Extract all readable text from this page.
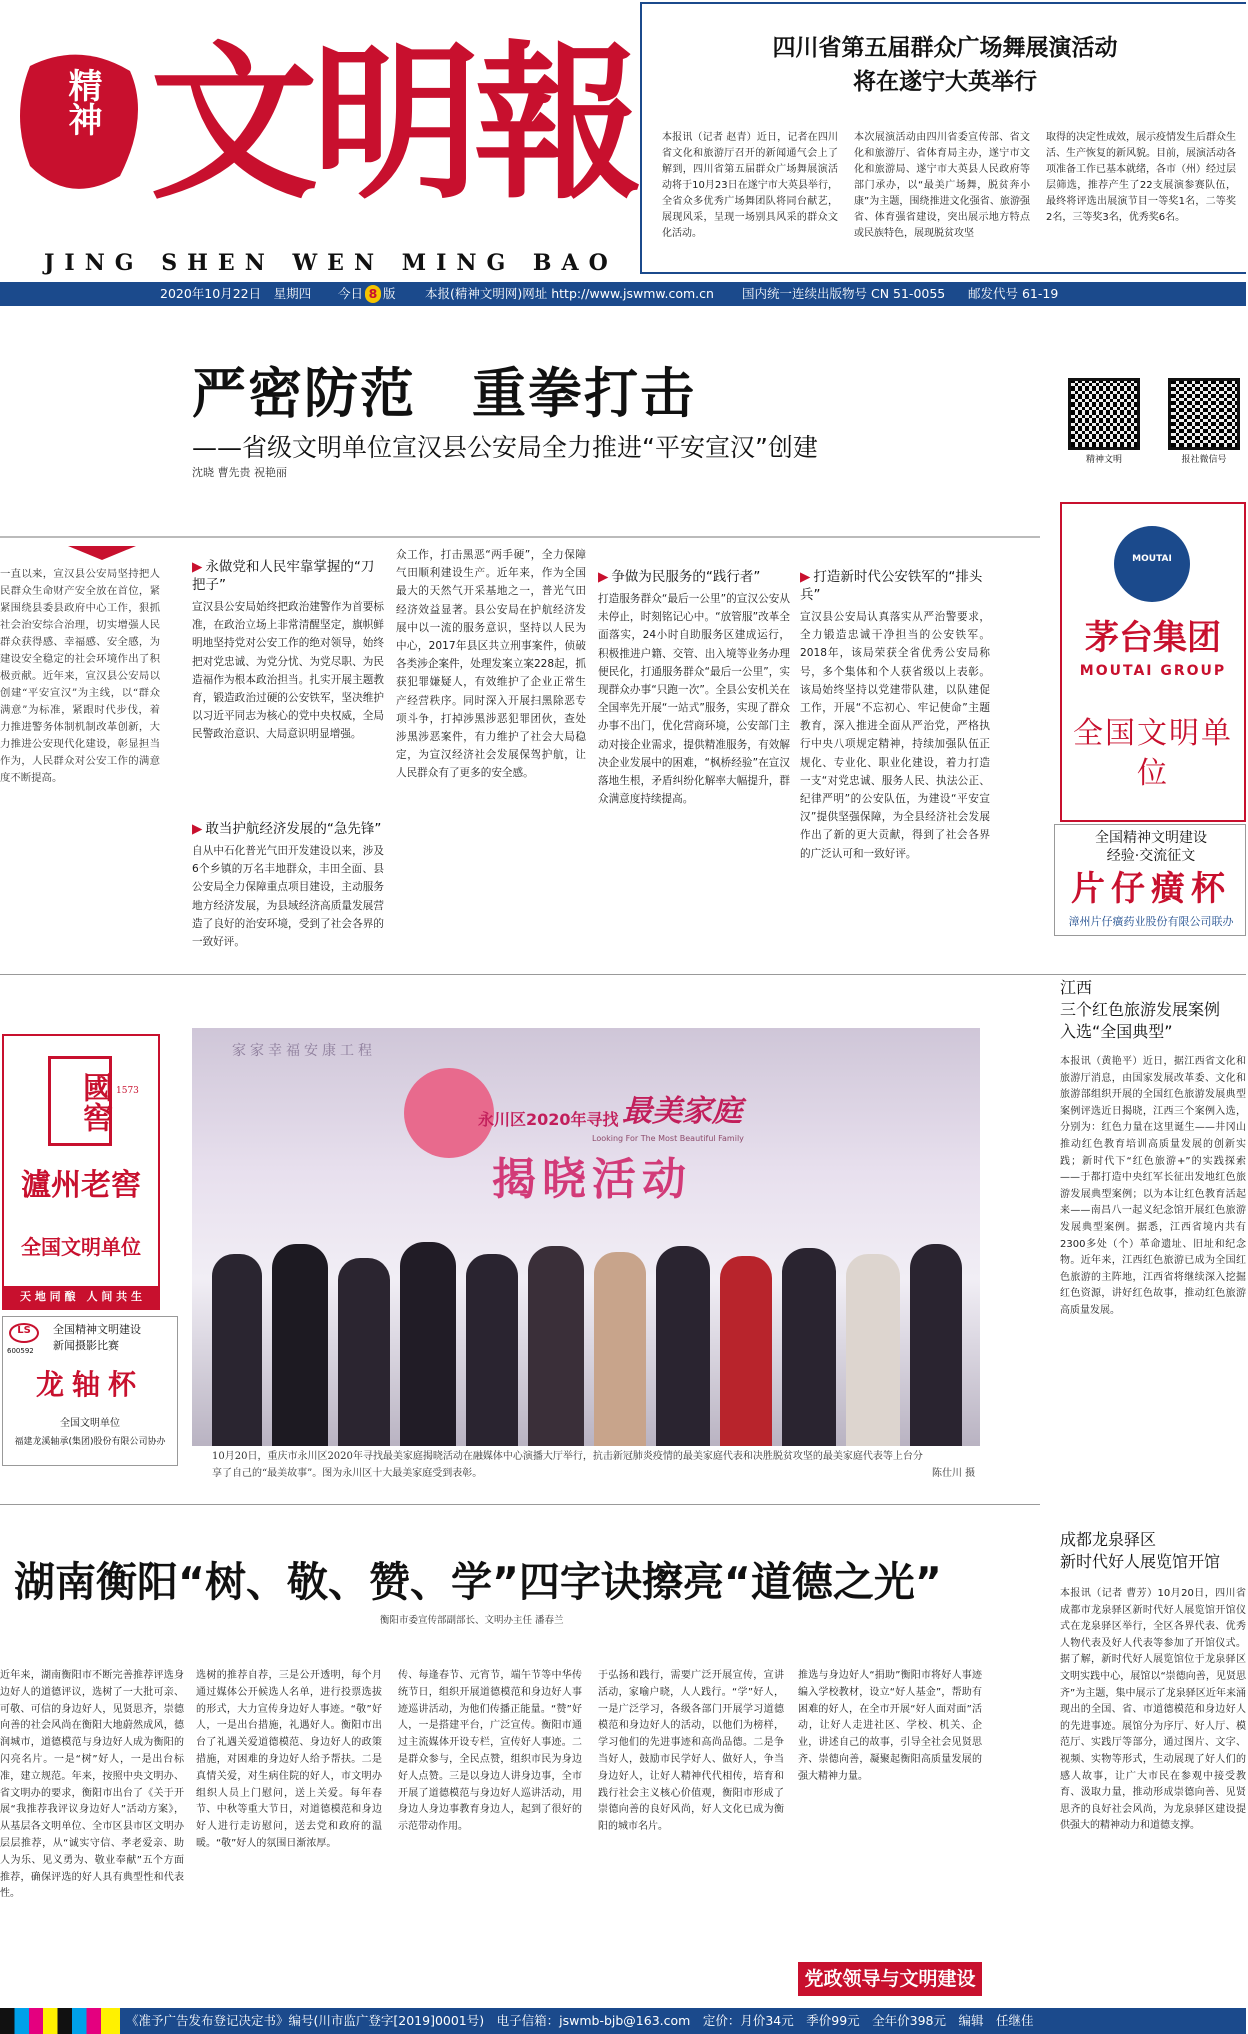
精神 文明報
JING SHEN WEN MING BAO
四川省第五届群众广场舞展演活动
将在遂宁大英举行
本报讯（记者 赵青）近日，记者在四川省文化和旅游厅召开的新闻通气会上了解到，四川省第五届群众广场舞展演活动将于10月23日在遂宁市大英县举行，全省众多优秀广场舞团队将同台献艺，展现风采，呈现一场别具风采的群众文化活动。
本次展演活动由四川省委宣传部、省文化和旅游厅、省体育局主办，遂宁市文化和旅游局、遂宁市大英县人民政府等部门承办，以“最美广场舞，脱贫奔小康”为主题，围绕推进文化强省、旅游强省、体育强省建设，突出展示地方特点或民族特色，展现脱贫攻坚
取得的决定性成效，展示疫情发生后群众生活、生产恢复的新风貌。目前，展演活动各项准备工作已基本就绪，各市（州）经过层层筛选，推荐产生了22支展演参赛队伍，最终将评选出展演节目一等奖1名，二等奖2名，三等奖3名，优秀奖6名。
2020年10月22日　星期四 今日 8 版 本报(精神文明网)网址 http://www.jswmw.com.cn 国内统一连续出版物号 CN 51-0055 邮发代号 61-19
严密防范　重拳打击
——省级文明单位宣汉县公安局全力推进“平安宣汉”创建
沈晓 曹先贵 祝艳丽
精神文明	报社微信号
一直以来，宣汉县公安局坚持把人民群众生命财产安全放在首位，紧紧围绕县委县政府中心工作，狠抓社会治安综合治理，切实增强人民群众获得感、幸福感、安全感，为建设安全稳定的社会环境作出了积极贡献。近年来，宣汉县公安局以创建“平安宣汉”为主线，以“群众满意”为标准，紧跟时代步伐，着力推进警务体制机制改革创新，大力推进公安现代化建设，彰显担当作为，人民群众对公安工作的满意度不断提高。
▶ 永做党和人民牢靠掌握的“刀把子”
宣汉县公安局始终把政治建警作为首要标准，在政治立场上非常清醒坚定，旗帜鲜明地坚持党对公安工作的绝对领导，始终把对党忠诚、为党分忧、为党尽职、为民造福作为根本政治担当。扎实开展主题教育，锻造政治过硬的公安铁军，坚决维护以习近平同志为核心的党中央权威，全局民警政治意识、大局意识明显增强。
▶ 敢当护航经济发展的“急先锋”
自从中石化普光气田开发建设以来，涉及6个乡镇的万名丰地群众，丰田全面、县公安局全力保障重点项目建设，主动服务地方经济发展，为县域经济高质量发展营造了良好的治安环境，受到了社会各界的一致好评。
众工作，打击黑恶“两手硬”，全力保障气田顺利建设生产。近年来，作为全国最大的天然气开采基地之一，普光气田经济效益显著。县公安局在护航经济发展中以一流的服务意识，坚持以人民为中心，2017年县区共立刑事案件，侦破各类涉企案件，处理发案立案228起，抓获犯罪嫌疑人，有效维护了企业正常生产经营秩序。同时深入开展扫黑除恶专项斗争，打掉涉黑涉恶犯罪团伙，查处涉黑涉恶案件，有力维护了社会大局稳定，为宣汉经济社会发展保驾护航，让人民群众有了更多的安全感。
▶ 争做为民服务的“践行者”
打造服务群众“最后一公里”的宣汉公安从未停止，时刻铭记心中。“放管服”改革全面落实，24小时自助服务区建成运行，积极推进户籍、交管、出入境等业务办理便民化，打通服务群众“最后一公里”，实现群众办事“只跑一次”。全县公安机关在全国率先开展“一站式”服务，实现了群众办事不出门，优化营商环境，公安部门主动对接企业需求，提供精准服务，有效解决企业发展中的困难，“枫桥经验”在宣汉落地生根，矛盾纠纷化解率大幅提升，群众满意度持续提高。
▶ 打造新时代公安铁军的“排头兵”
宣汉县公安局认真落实从严治警要求，全力锻造忠诚干净担当的公安铁军。2018年，该局荣获全省优秀公安局称号，多个集体和个人获省级以上表彰。该局始终坚持以党建带队建，以队建促工作，开展“不忘初心、牢记使命”主题教育，深入推进全面从严治党，严格执行中央八项规定精神，持续加强队伍正规化、专业化、职业化建设，着力打造一支“对党忠诚、服务人民、执法公正、纪律严明”的公安队伍，为建设“平安宣汉”提供坚强保障，为全县经济社会发展作出了新的更大贡献，得到了社会各界的广泛认可和一致好评。
MOUTAI
茅台集团
MOUTAI GROUP
全国文明单位
全国精神文明建设
经验·交流征文
片仔癀杯
漳州片仔癀药业股份有限公司联办
江西
三个红色旅游发展案例
入选“全国典型”
本报讯（黄艳平）近日，据江西省文化和旅游厅消息，由国家发展改革委、文化和旅游部组织开展的全国红色旅游发展典型案例评选近日揭晓，江西三个案例入选，分别为：红色力量在这里诞生——井冈山推动红色教育培训高质量发展的创新实践；新时代下“红色旅游+”的实践探索——于都打造中央红军长征出发地红色旅游发展典型案例；以为本让红色教育活起来——南昌八一起义纪念馆开展红色旅游发展典型案例。据悉，江西省境内共有2300多处（个）革命遗址、旧址和纪念物。近年来，江西红色旅游已成为全国红色旅游的主阵地，江西省将继续深入挖掘红色资源，讲好红色故事，推动红色旅游高质量发展。
國窖 1573
瀘州老窖
全国文明单位
天 地 同 酿　人 间 共 生
LS
600592
全国精神文明建设
新闻摄影比赛
龙轴杯
全国文明单位
福建龙溪轴承(集团)股份有限公司协办
家家幸福安康工程
永川区2020年寻找 最美家庭
Looking For The Most Beautiful Family
揭晓活动
10月20日，重庆市永川区2020年寻找最美家庭揭晓活动在融媒体中心演播大厅举行，抗击新冠肺炎疫情的最美家庭代表和决胜脱贫攻坚的最美家庭代表等上台分享了自己的“最美故事”。图为永川区十大最美家庭受到表彰。	陈仕川 摄
湖南衡阳“树、敬、赞、学”四字诀擦亮“道德之光”
衡阳市委宣传部副部长、文明办主任 潘春兰
近年来，湖南衡阳市不断完善推荐评选身边好人的道德评议，选树了一大批可亲、可敬、可信的身边好人，见贤思齐，崇德向善的社会风尚在衡阳大地蔚然成风，德润城市，道德模范与身边好人成为衡阳的闪亮名片。一是“树”好人，一是出台标准，建立规范。年来，按照中央文明办、省文明办的要求，衡阳市出台了《关于开展“我推荐我评议身边好人”活动方案》，从基层各文明单位、全市区县市区文明办层层推荐，从“诚实守信、孝老爱亲、助人为乐、见义勇为、敬业奉献”五个方面推荐，确保评选的好人具有典型性和代表性。
选树的推荐自荐，三是公开透明，每个月通过媒体公开候选人名单，进行投票选拔的形式，大力宣传身边好人事迹。“敬”好人，一是出台措施，礼遇好人。衡阳市出台了礼遇关爱道德模范、身边好人的政策措施，对困难的身边好人给予帮扶。二是真情关爱，对生病住院的好人，市文明办组织人员上门慰问，送上关爱。每年春节、中秋等重大节日，对道德模范和身边好人进行走访慰问，送去党和政府的温暖。“敬”好人的氛围日渐浓厚。
传、每逢春节、元宵节，端午节等中华传统节日，组织开展道德模范和身边好人事迹巡讲活动，为他们传播正能量。“赞”好人，一是搭建平台，广泛宣传。衡阳市通过主流媒体开设专栏，宣传好人事迹。二是群众参与，全民点赞，组织市民为身边好人点赞。三是以身边人讲身边事，全市开展了道德模范与身边好人巡讲活动，用身边人身边事教育身边人，起到了很好的示范带动作用。
于弘扬和践行，需要广泛开展宣传，宣讲活动，家喻户晓，人人践行。“学”好人，一是广泛学习，各级各部门开展学习道德模范和身边好人的活动，以他们为榜样，学习他们的先进事迹和高尚品德。二是争当好人，鼓励市民学好人、做好人，争当身边好人，让好人精神代代相传，培育和践行社会主义核心价值观，衡阳市形成了崇德向善的良好风尚，好人文化已成为衡阳的城市名片。
推选与身边好人“捐助”衡阳市将好人事迹编入学校教材，设立“好人基金”，帮助有困难的好人，在全市开展“好人面对面”活动，让好人走进社区、学校、机关、企业，讲述自己的故事，引导全社会见贤思齐、崇德向善，凝聚起衡阳高质量发展的强大精神力量。
党政领导与文明建设
成都龙泉驿区
新时代好人展览馆开馆
本报讯（记者 曹芳）10月20日，四川省成都市龙泉驿区新时代好人展览馆开馆仪式在龙泉驿区举行，全区各界代表、优秀人物代表及好人代表等参加了开馆仪式。据了解，新时代好人展览馆位于龙泉驿区文明实践中心，展馆以“崇德向善，见贤思齐”为主题，集中展示了龙泉驿区近年来涌现出的全国、省、市道德模范和身边好人的先进事迹。展馆分为序厅、好人厅、模范厅、实践厅等部分，通过图片、文字、视频、实物等形式，生动展现了好人们的感人故事，让广大市民在参观中接受教育、汲取力量，推动形成崇德向善、见贤思齐的良好社会风尚，为龙泉驿区建设提供强大的精神动力和道德支撑。
《准予广告发布登记决定书》编号(川市监广登字[2019]0001号)　电子信箱：jswmb-bjb@163.com　定价：月价34元　季价99元　全年价398元　编辑　任继佳
